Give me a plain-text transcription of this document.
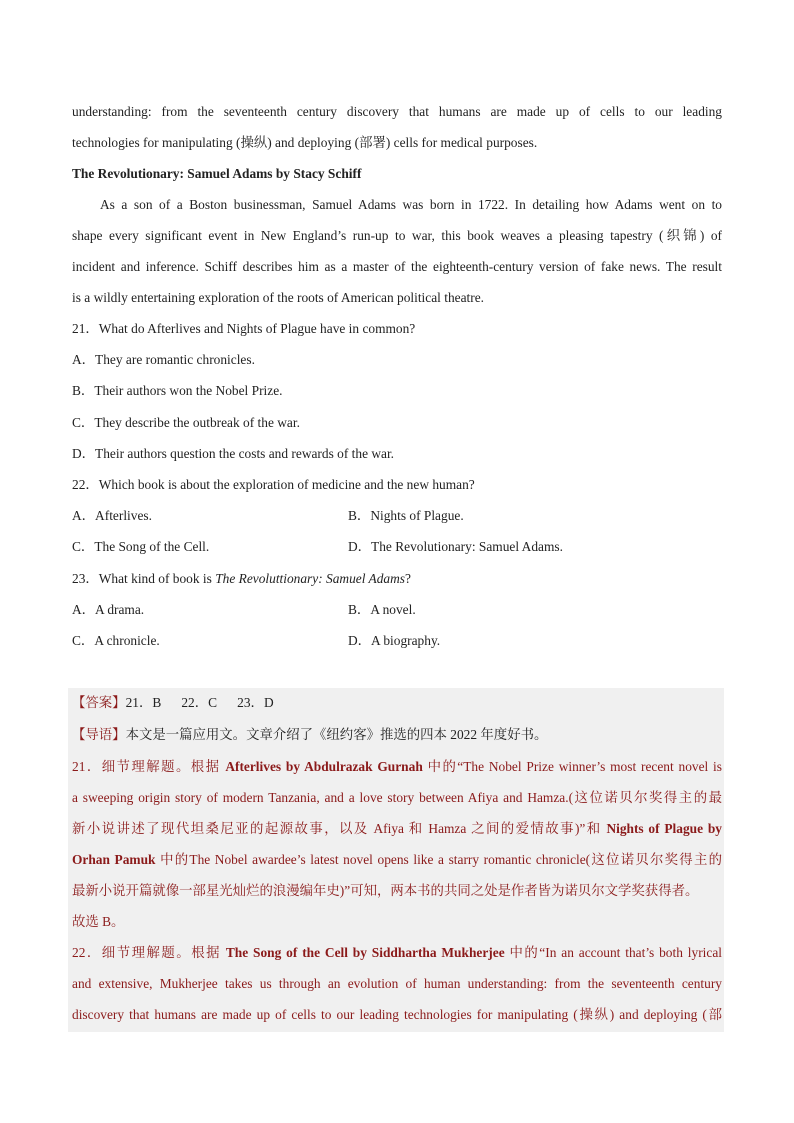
understanding: from the seventeenth century discovery that humans are made up of cells to our leading
technologies for manipulating (操纵) and deploying (部署) cells for medical purposes.
The Revolutionary: Samuel Adams by Stacy Schiff
As a son of a Boston businessman, Samuel Adams was born in 1722. In detailing how Adams went on to
shape every significant event in New England’s run-up to war, this book weaves a pleasing tapestry (织锦) of
incident and inference. Schiff describes him as a master of the eighteenth-century version of fake news. The result
is a wildly entertaining exploration of the roots of American political theatre.
21．What do Afterlives and Nights of Plague have in common?
A．They are romantic chronicles.
B．Their authors won the Nobel Prize.
C．They describe the outbreak of the war.
D．Their authors question the costs and rewards of the war.
22．Which book is about the exploration of medicine and the new human?
A．Afterlives.	B．Nights of Plague.
C．The Song of the Cell.	D．The Revolutionary: Samuel Adams.
23．What kind of book is The Revoluttionary: Samuel Adams?
A．A drama.	B．A novel.
C．A chronicle.	D．A biography.
【答案】21．B      22．C      23．D
【导语】本文是一篇应用文。文章介绍了《纽约客》推选的四本 2022 年度好书。
21．细节理解题。根据 Afterlives by Abdulrazak Gurnah 中的“The Nobel Prize winner’s most recent novel is
a sweeping origin story of modern Tanzania, and a love story between Afiya and Hamza.(这位诺贝尔奖得主的最
新小说讲述了现代坦桑尼亚的起源故事，以及 Afiya 和 Hamza 之间的爱情故事)”和 Nights of Plague by
Orhan Pamuk 中的The Nobel awardee’s latest novel opens like a starry romantic chronicle(这位诺贝尔奖得主的
最新小说开篇就像一部星光灿烂的浪漫编年史)”可知，两本书的共同之处是作者皆为诺贝尔文学奖获得者。
故选 B。
22．细节理解题。根据 The Song of the Cell by Siddhartha Mukherjee 中的“In an account that’s both lyrical
and extensive, Mukherjee takes us through an evolution of human understanding: from the seventeenth century
discovery that humans are made up of cells to our leading technologies for manipulating (操纵) and deploying (部
